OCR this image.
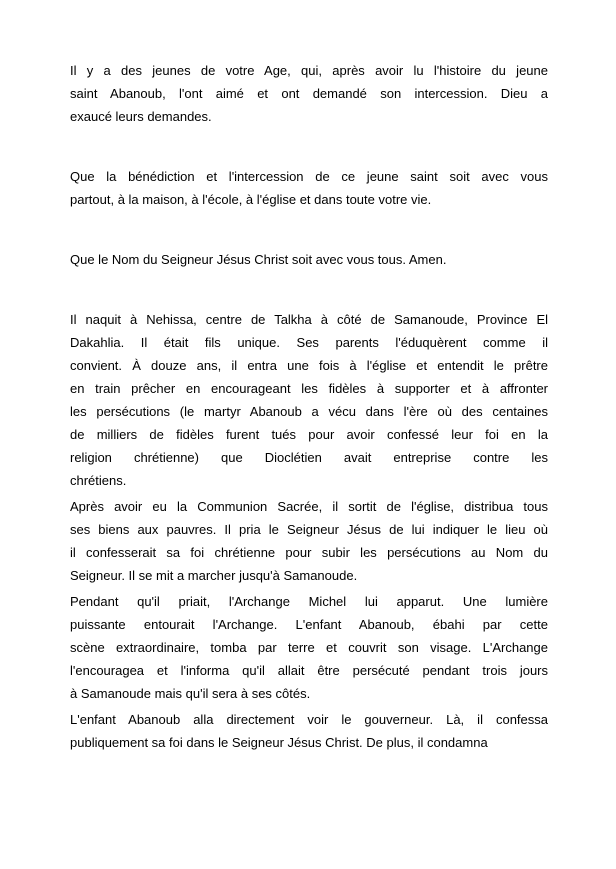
Il y a des jeunes de votre Age, qui, après avoir lu l'histoire du jeune
saint Abanoub, l'ont aimé et ont demandé son intercession. Dieu a
exaucé leurs demandes.
Que la bénédiction et l'intercession de ce jeune saint soit avec vous
partout, à la maison, à l'école, à l'église et dans toute votre vie.
Que le Nom du Seigneur Jésus Christ soit avec vous tous. Amen.
Il naquit à Nehissa, centre de Talkha à côté de Samanoude, Province El
Dakahlia. Il était fils unique. Ses parents l'éduquèrent comme il
convient. À douze ans, il entra une fois à l'église et entendit le prêtre
en train prêcher en encourageant les fidèles à supporter et à affronter
les persécutions (le martyr Abanoub a vécu dans l'ère où des centaines
de milliers de fidèles furent tués pour avoir confessé leur foi en la
religion chrétienne) que Dioclétien avait entreprise contre les
chrétiens.
Après avoir eu la Communion Sacrée, il sortit de l'église, distribua tous
ses biens aux pauvres. Il pria le Seigneur Jésus de lui indiquer le lieu où
il confesserait sa foi chrétienne pour subir les persécutions au Nom du
Seigneur. Il se mit a marcher jusqu'à Samanoude.
Pendant qu'il priait, l'Archange Michel lui apparut. Une lumière
puissante entourait l'Archange. L'enfant Abanoub, ébahi par cette
scène extraordinaire, tomba par terre et couvrit son visage. L'Archange
l'encouragea et l'informa qu'il allait être persécuté pendant trois jours
à Samanoude mais qu'il sera à ses côtés.
L'enfant Abanoub alla directement voir le gouverneur. Là, il confessa
publiquement sa foi dans le Seigneur Jésus Christ. De plus, il condamna
